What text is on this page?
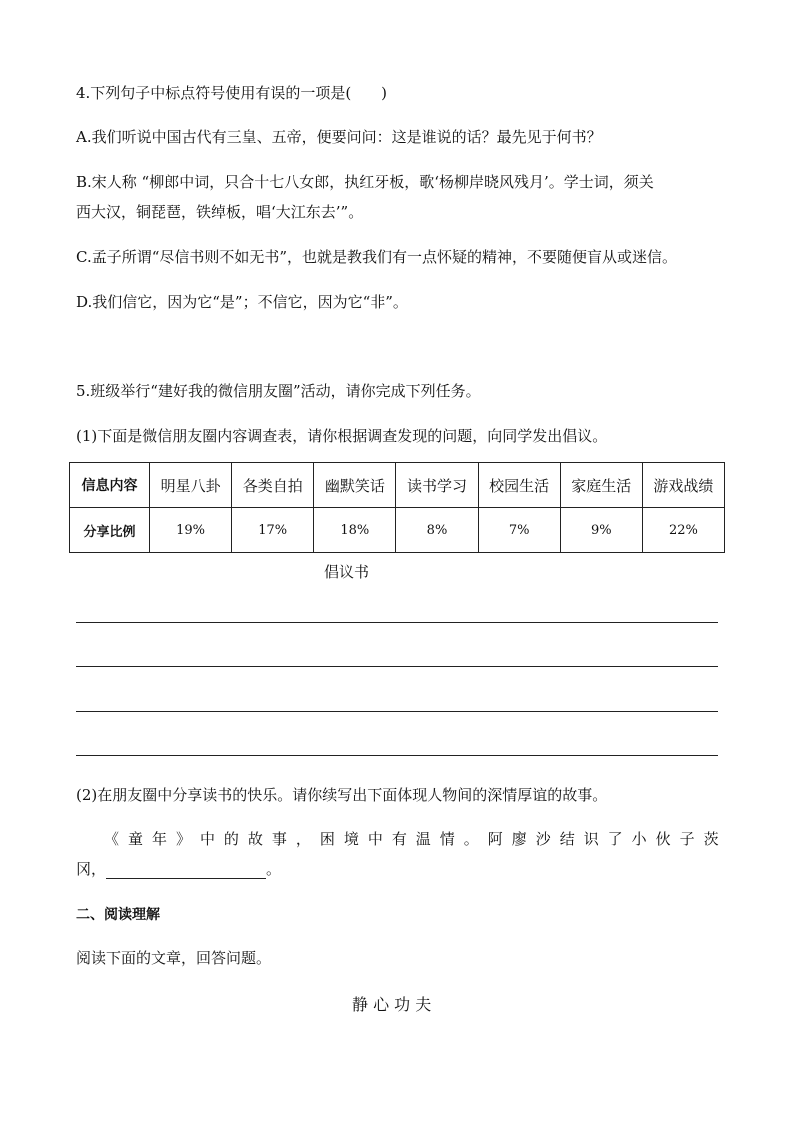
4.下列句子中标点符号使用有误的一项是(　　)
A.我们听说中国古代有三皇、五帝，便要问问：这是谁说的话？最先见于何书？
B.宋人称 “柳郎中词，只合十七八女郎，执红牙板，歌‘杨柳岸晓风残月’。学士词，须关
西大汉，铜琵琶，铁绰板，唱‘大江东去’”。
C.孟子所谓“尽信书则不如无书”，也就是教我们有一点怀疑的精神，不要随便盲从或迷信。
D.我们信它，因为它“是”；不信它，因为它“非”。
5.班级举行“建好我的微信朋友圈”活动，请你完成下列任务。
(1)下面是微信朋友圈内容调查表，请你根据调查发现的问题，向同学发出倡议。
信息内容	明星八卦	各类自拍	幽默笑话	读书学习	校园生活	家庭生活	游戏战绩
分享比例	19%	17%	18%	8%	7%	9%	22%
倡议书
(2)在朋友圈中分享读书的快乐。请你续写出下面体现人物间的深情厚谊的故事。
《 童 年 》 中 的 故 事 ， 困 境 中 有 温 情 。 阿 廖 沙 结 识 了 小 伙 子 茨
冈，	。
二、阅读理解
阅读下面的文章，回答问题。
静 心 功 夫
